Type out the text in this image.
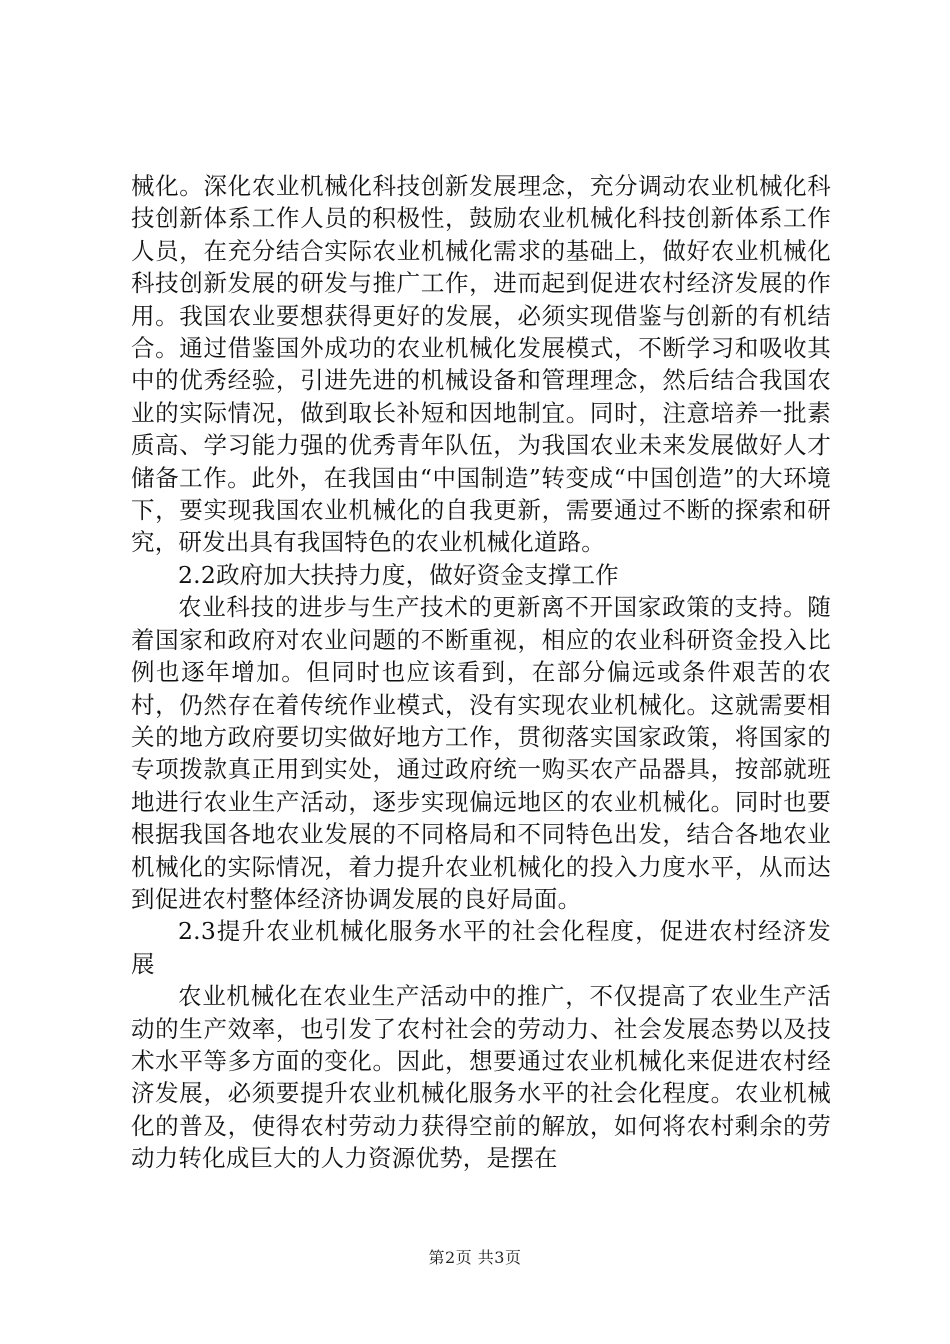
械化。深化农业机械化科技创新发展理念，充分调动农业机械化科技创新体系工作人员的积极性，鼓励农业机械化科技创新体系工作人员，在充分结合实际农业机械化需求的基础上，做好农业机械化科技创新发展的研发与推广工作，进而起到促进农村经济发展的作用。我国农业要想获得更好的发展，必须实现借鉴与创新的有机结合。通过借鉴国外成功的农业机械化发展模式，不断学习和吸收其中的优秀经验，引进先进的机械设备和管理理念，然后结合我国农业的实际情况，做到取长补短和因地制宜。同时，注意培养一批素质高、学习能力强的优秀青年队伍，为我国农业未来发展做好人才储备工作。此外，在我国由“中国制造”转变成“中国创造”的大环境下，要实现我国农业机械化的自我更新，需要通过不断的探索和研究，研发出具有我国特色的农业机械化道路。

2.2政府加大扶持力度，做好资金支撑工作

农业科技的进步与生产技术的更新离不开国家政策的支持。随着国家和政府对农业问题的不断重视，相应的农业科研资金投入比例也逐年增加。但同时也应该看到，在部分偏远或条件艰苦的农村，仍然存在着传统作业模式，没有实现农业机械化。这就需要相关的地方政府要切实做好地方工作，贯彻落实国家政策，将国家的专项拨款真正用到实处，通过政府统一购买农产品器具，按部就班地进行农业生产活动，逐步实现偏远地区的农业机械化。同时也要根据我国各地农业发展的不同格局和不同特色出发，结合各地农业机械化的实际情况，着力提升农业机械化的投入力度水平，从而达到促进农村整体经济协调发展的良好局面。

2.3提升农业机械化服务水平的社会化程度，促进农村经济发展

农业机械化在农业生产活动中的推广，不仅提高了农业生产活动的生产效率，也引发了农村社会的劳动力、社会发展态势以及技术水平等多方面的变化。因此，想要通过农业机械化来促进农村经济发展，必须要提升农业机械化服务水平的社会化程度。农业机械化的普及，使得农村劳动力获得空前的解放，如何将农村剩余的劳动力转化成巨大的人力资源优势，是摆在

第2页 共3页
